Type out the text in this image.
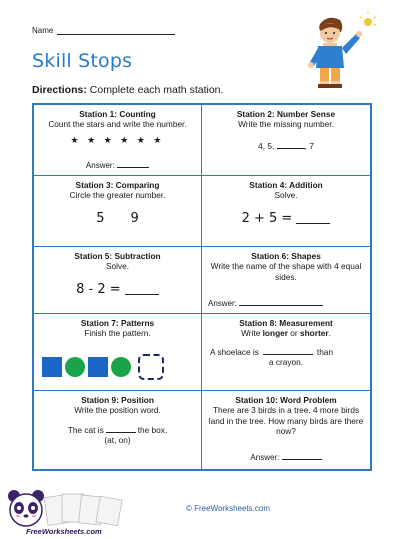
Name
Skill Stops
Directions: Complete each math station.
Station 1: Counting
Count the stars and write the number.
★ ★ ★ ★ ★ ★
Answer:
Station 2: Number Sense
Write the missing number.
4, 5,	, 7
Station 3: Comparing
Circle the greater number.
5 9
Station 4: Addition
Solve.
2 + 5 =
Station 5: Subtraction
Solve.
8 - 2 =
Station 6: Shapes
Write the name of the shape with 4 equal sides.
Answer:
Station 7: Patterns
Finish the pattern.
Station 8: Measurement
Write longer or shorter.
A shoelace is	than
a crayon.
Station 9: Position
Write the position word.
The cat is	the box.
(at, on)
Station 10: Word Problem
There are 3 birds in a tree. 4 more birds land in the tree. How many birds are there now?
Answer:
FreeWorksheets.com
© FreeWorksheets.com
